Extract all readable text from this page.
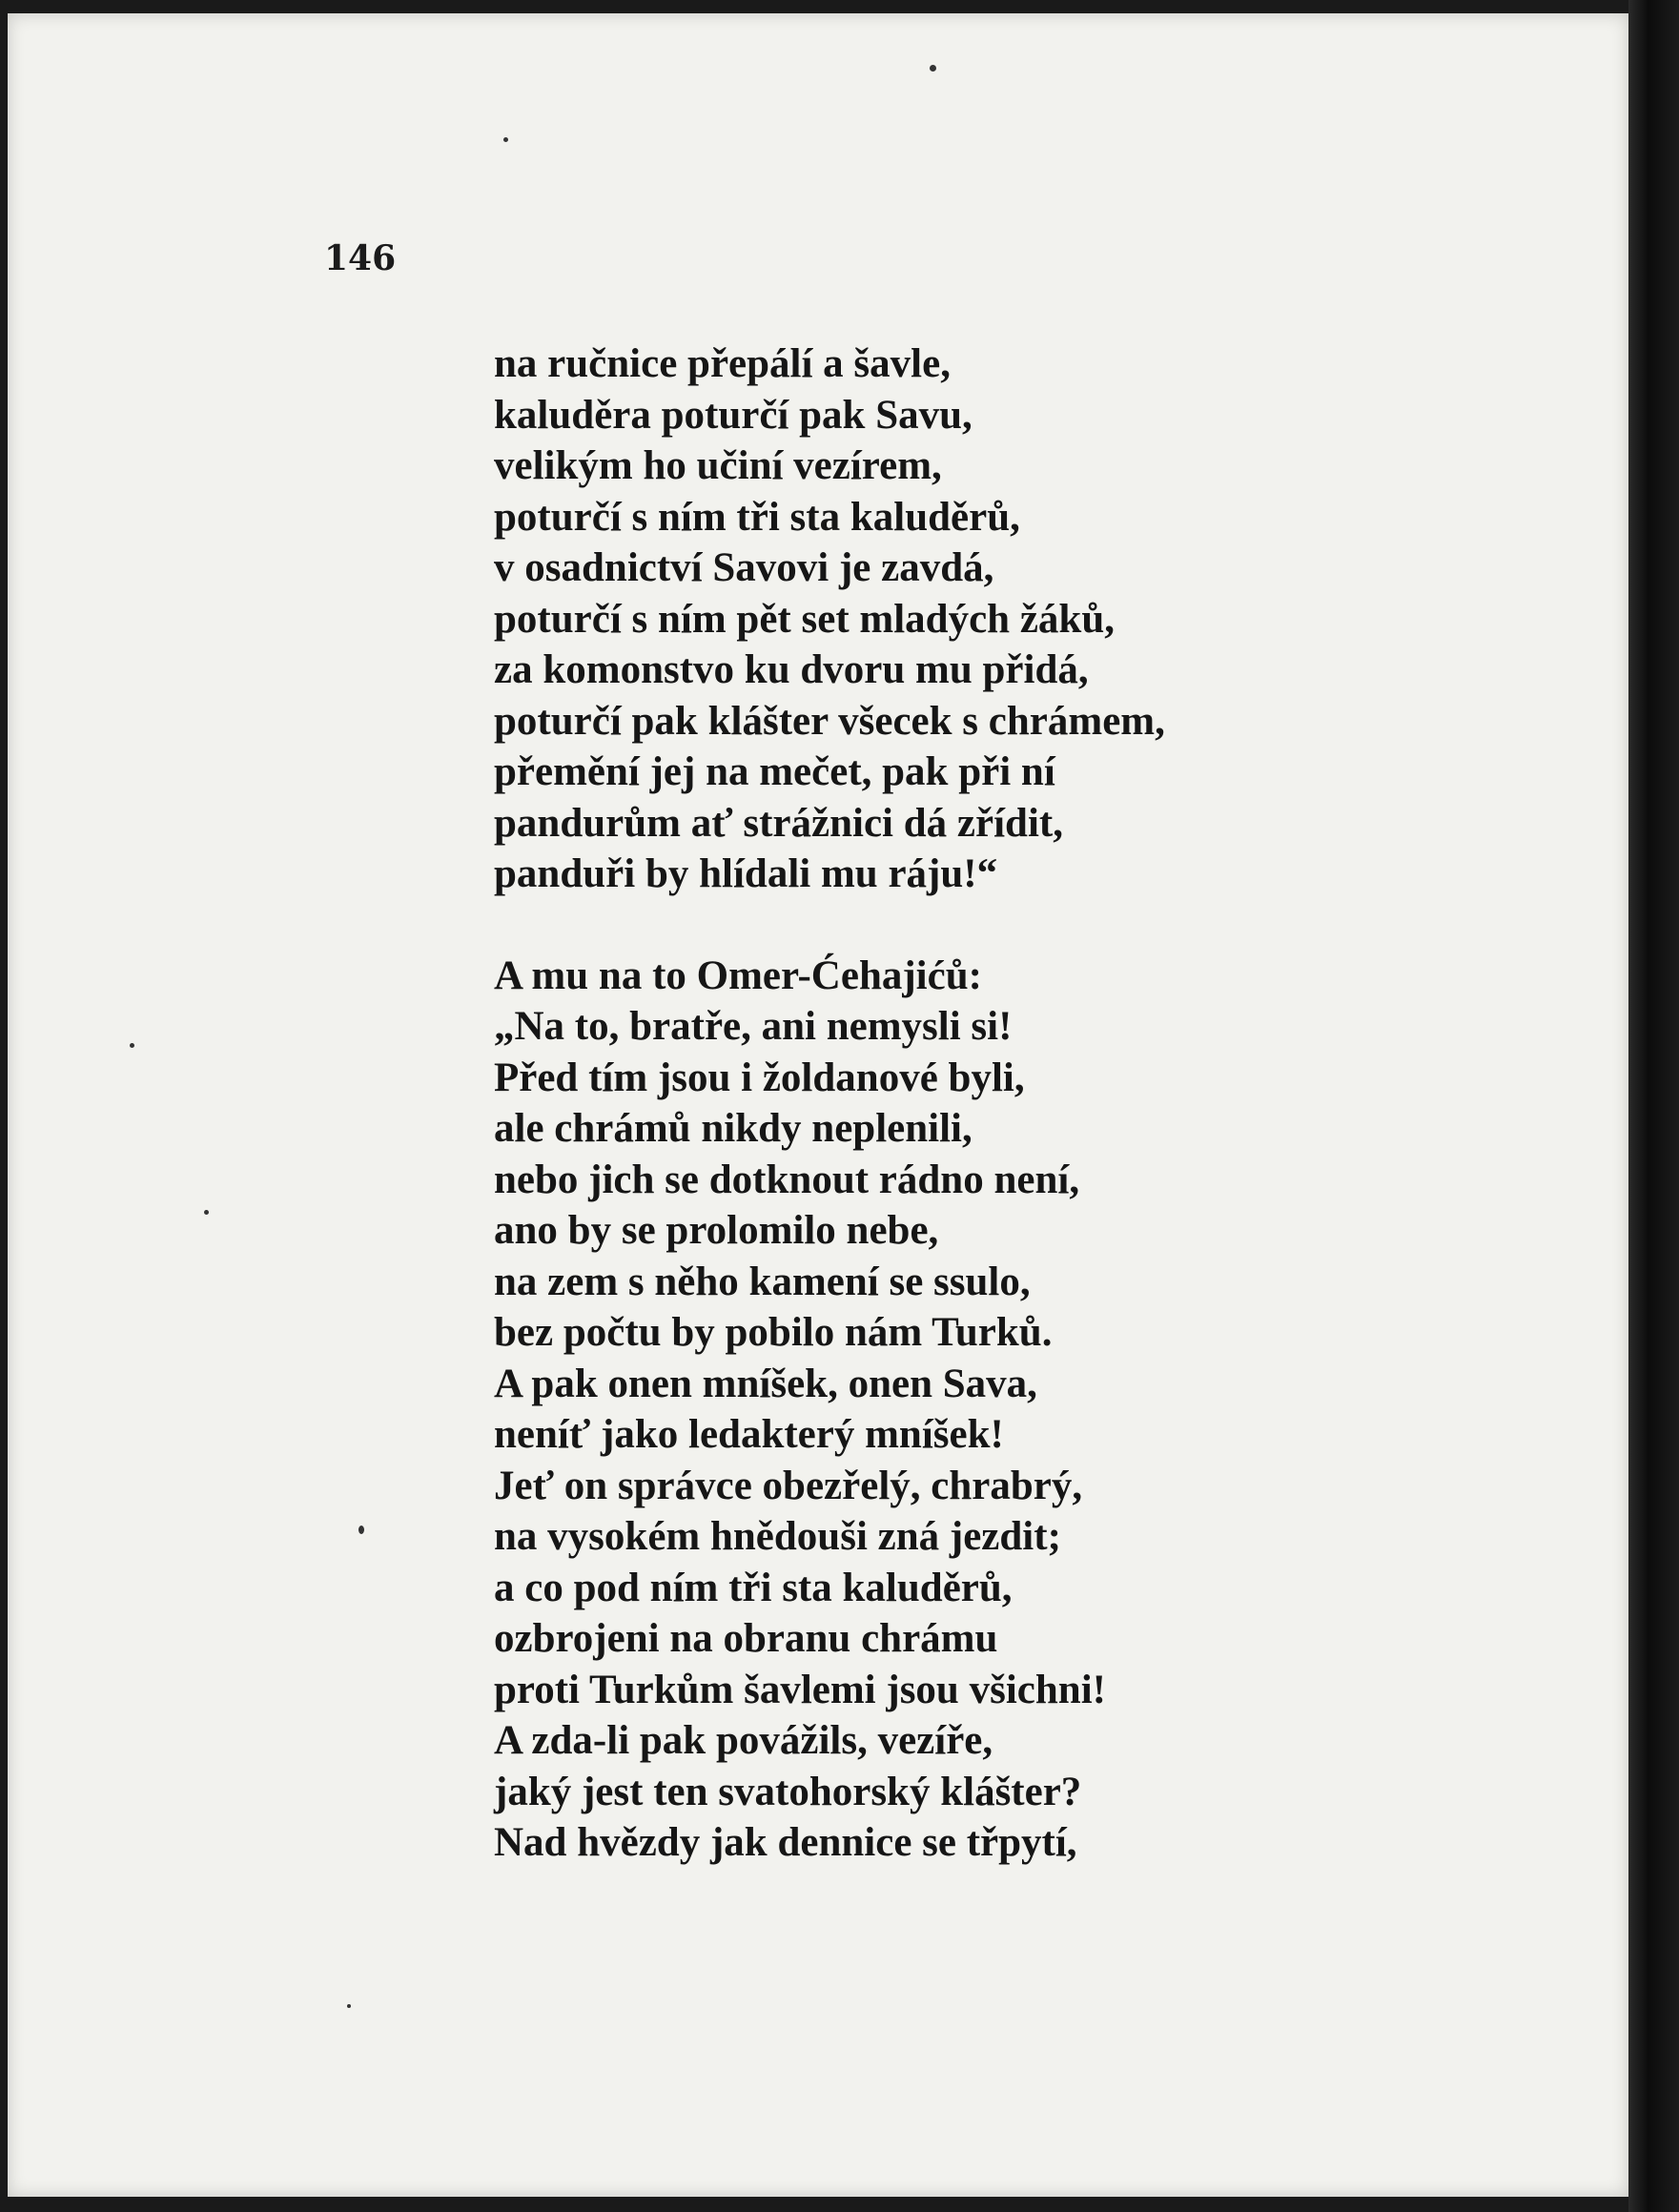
146

na ručnice přepálí a šavle,
kaluděra poturčí pak Savu,
velikým ho učiní vezírem,
poturčí s ním tři sta kaluděrů,
v osadnictví Savovi je zavdá,
poturčí s ním pět set mladých žáků,
za komonstvo ku dvoru mu přidá,
poturčí pak klášter všecek s chrámem,
přemění jej na mečet, pak při ní
pandurům ať strážnici dá zřídit,
panduři by hlídali mu ráju!“
A mu na to Omer-Ćehajićů:
„Na to, bratře, ani nemysli si!
Před tím jsou i žoldanové byli,
ale chrámů nikdy neplenili,
nebo jich se dotknout rádno není,
ano by se prolomilo nebe,
na zem s něho kamení se ssulo,
bez počtu by pobilo nám Turků.
A pak onen mníšek, onen Sava,
neníť jako ledakterý mníšek!
Jeť on správce obezřelý, chrabrý,
na vysokém hnědouši zná jezdit;
a co pod ním tři sta kaluděrů,
ozbrojeni na obranu chrámu
proti Turkům šavlemi jsou všichni!
A zda-li pak povážils, vezíře,
jaký jest ten svatohorský klášter?
Nad hvězdy jak dennice se třpytí,
